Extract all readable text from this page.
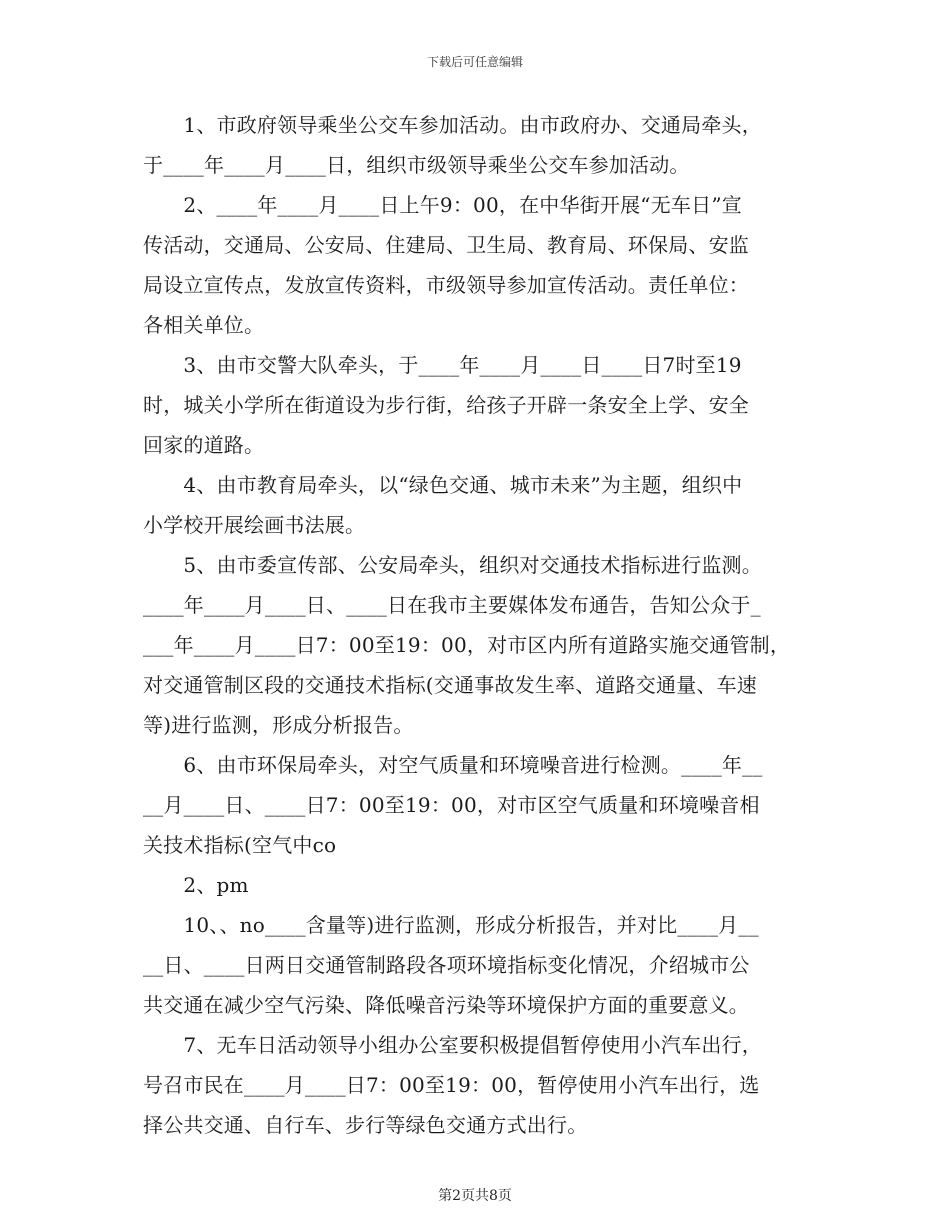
下载后可任意编辑
　　1、市政府领导乘坐公交车参加活动。由市政府办、交通局牵头，
于____年____月____日，组织市级领导乘坐公交车参加活动。
　　2、____年____月____日上午9：00，在中华街开展“无车日”宣
传活动，交通局、公安局、住建局、卫生局、教育局、环保局、安监
局设立宣传点，发放宣传资料，市级领导参加宣传活动。责任单位：
各相关单位。
　　3、由市交警大队牵头，于____年____月____日____日7时至19
时，城关小学所在街道设为步行街，给孩子开辟一条安全上学、安全
回家的道路。
　　4、由市教育局牵头，以“绿色交通、城市未来”为主题，组织中
小学校开展绘画书法展。
　　5、由市委宣传部、公安局牵头，组织对交通技术指标进行监测。
____年____月____日、____日在我市主要媒体发布通告，告知公众于_
___年____月____日7：00至19：00，对市区内所有道路实施交通管制，
对交通管制区段的交通技术指标(交通事故发生率、道路交通量、车速
等)进行监测，形成分析报告。
　　6、由市环保局牵头，对空气质量和环境噪音进行检测。____年__
__月____日、____日7：00至19：00，对市区空气质量和环境噪音相
关技术指标(空气中co
　　2、pm
　　10、、no____含量等)进行监测，形成分析报告，并对比____月__
__日、____日两日交通管制路段各项环境指标变化情况，介绍城市公
共交通在减少空气污染、降低噪音污染等环境保护方面的重要意义。
　　7、无车日活动领导小组办公室要积极提倡暂停使用小汽车出行，
号召市民在____月____日7：00至19：00，暂停使用小汽车出行，选
择公共交通、自行车、步行等绿色交通方式出行。
第2页共8页
